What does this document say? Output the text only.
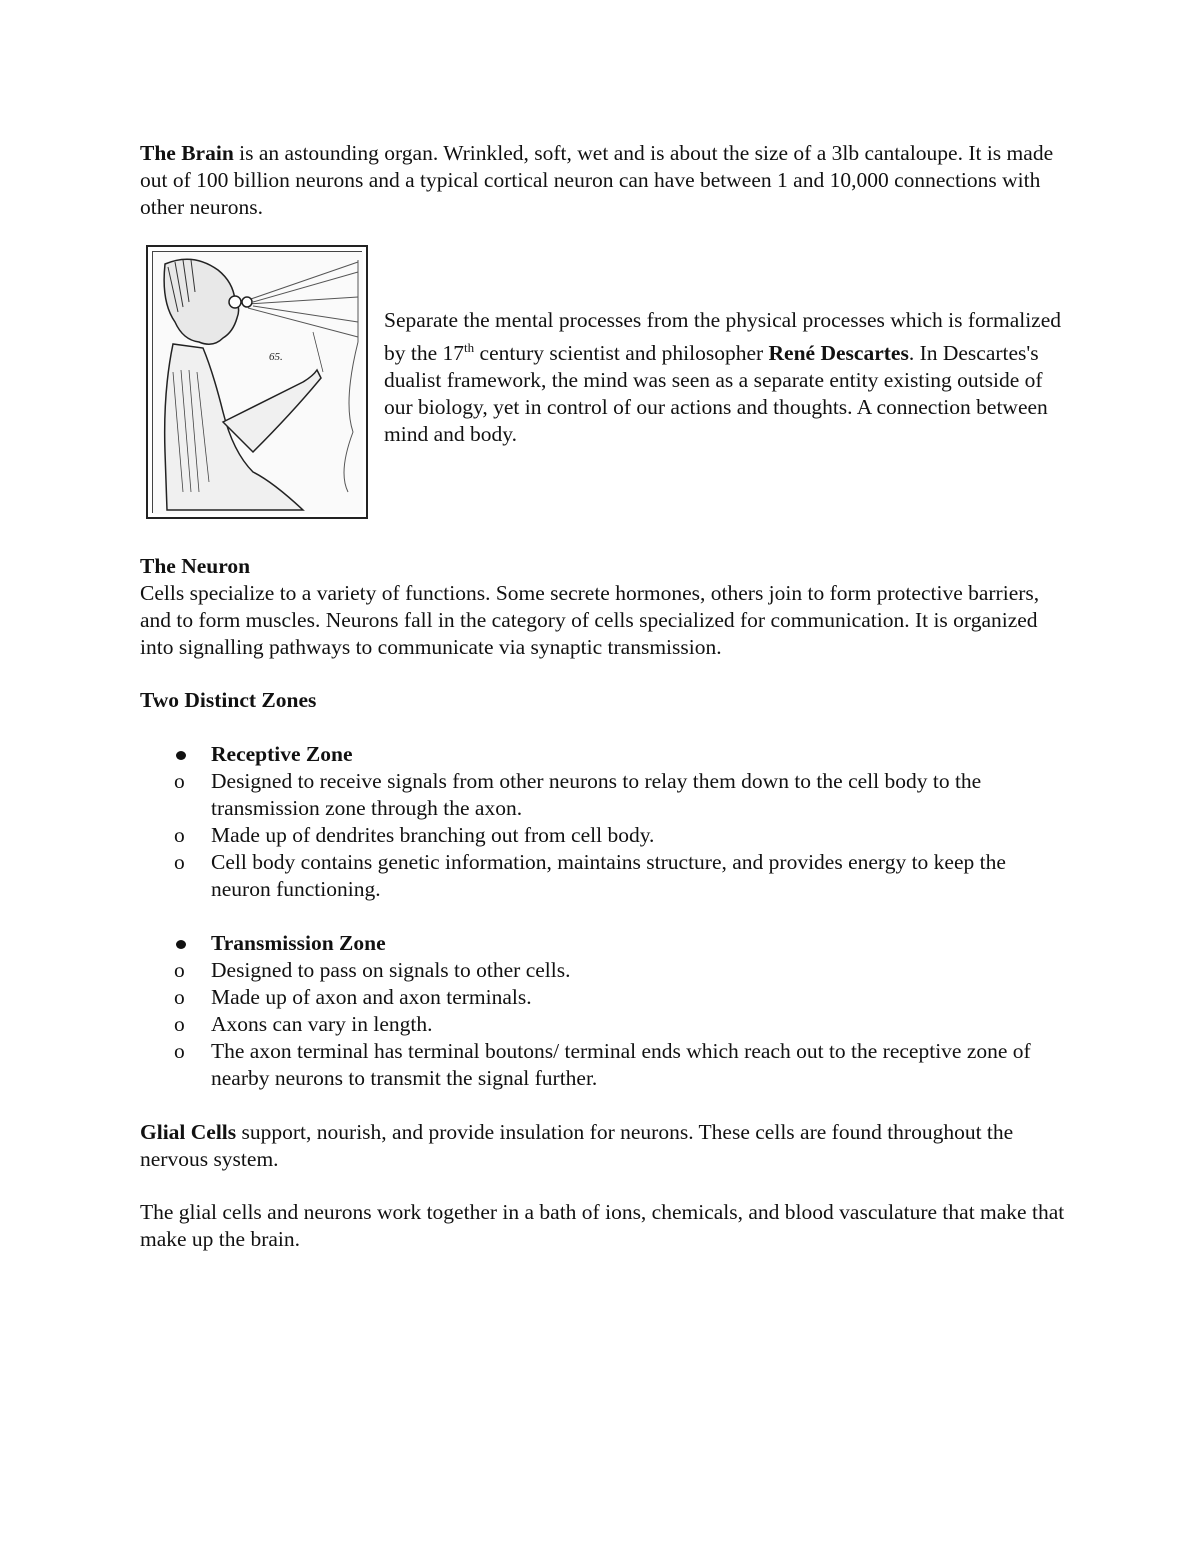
The Brain is an astounding organ. Wrinkled, soft, wet and is about the size of a 3lb cantaloupe. It is made out of 100 billion neurons and a typical cortical neuron can have between 1 and 10,000 connections with other neurons.

65.

Separate the mental processes from the physical processes which is formalized by the 17th century scientist and philosopher René Descartes. In Descartes's dualist framework, the mind was seen as a separate entity existing outside of our biology, yet in control of our actions and thoughts. A connection between mind and body.

The Neuron

Cells specialize to a variety of functions. Some secrete hormones, others join to form protective barriers, and to form muscles. Neurons fall in the category of cells specialized for communication. It is organized into signalling pathways to communicate via synaptic transmission.

Two Distinct Zones

Receptive Zone
o Designed to receive signals from other neurons to relay them down to the cell body to the transmission zone through the axon.
o Made up of dendrites branching out from cell body.
o Cell body contains genetic information, maintains structure, and provides energy to keep the neuron functioning.
Transmission Zone
o Designed to pass on signals to other cells.
o Made up of axon and axon terminals.
o Axons can vary in length.
o The axon terminal has terminal boutons/ terminal ends which reach out to the receptive zone of nearby neurons to transmit the signal further.

Glial Cells support, nourish, and provide insulation for neurons. These cells are found throughout the nervous system.

The glial cells and neurons work together in a bath of ions, chemicals, and blood vasculature that make that make up the brain.
